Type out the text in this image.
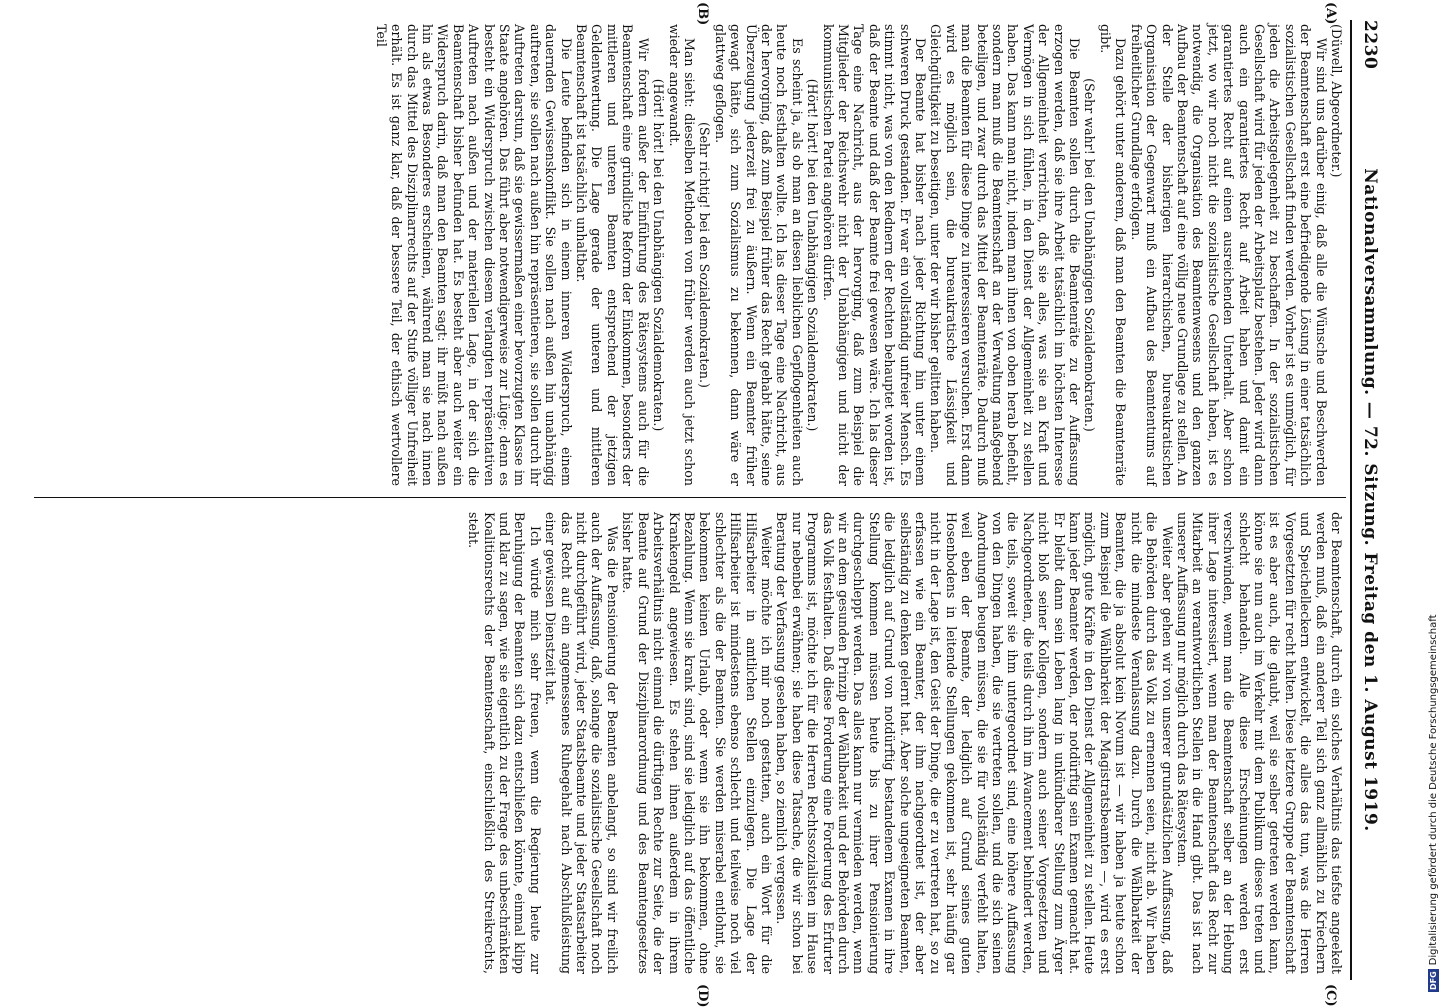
2230
Nationalversammlung. — 72. Sitzung. Freitag den 1. August 1919.
(A)
(B)
(C)
(D)

(Düwell, Abgeordneter.)

Wir sind uns darüber einig, daß alle die Wünsche und Beschwerden der Beamtenschaft erst eine befriedigende Lösung in einer tatsächlich sozialistischen Gesellschaft finden werden. Vorher ist es unmöglich, für jeden die Arbeitsgelegenheit zu beschaffen. In der sozialistischen Gesellschaft wird für jeden der Arbeitsplatz bestehen. Jeder wird dann auch ein garantiertes Recht auf Arbeit haben und damit ein garantiertes Recht auf einen ausreichenden Unterhalt. Aber schon jetzt, wo wir noch nicht die sozialistische Gesellschaft haben, ist es notwendig, die Organisation des Beamtenwesens und den ganzen Aufbau der Beamtenschaft auf eine völlig neue Grundlage zu stellen. An der Stelle der bisherigen hierarchischen, bureaukratischen Organisation der Gegenwart muß ein Aufbau des Beamtentums auf freiheitlicher Grundlage erfolgen.

Dazu gehört unter anderem, daß man den Beamten die Beamtenräte gibt.

(Sehr wahr! bei den Unabhängigen Sozialdemokraten.)

Die Beamten sollen durch die Beamtenräte zu der Auffassung erzogen werden, daß sie ihre Arbeit tatsächlich im höchsten Interesse der Allgemeinheit verrichten, daß sie alles, was sie an Kraft und Vermögen in sich fühlen, in den Dienst der Allgemeinheit zu stellen haben. Das kann man nicht, indem man ihnen von oben herab befiehlt, sondern man muß die Beamtenschaft an der Verwaltung maßgebend beteiligen, und zwar durch das Mittel der Beamtenräte. Dadurch muß man die Beamten für diese Dinge zu interessieren versuchen. Erst dann wird es möglich sein, die bureaukratische Lässigkeit und Gleichgültigkeit zu beseitigen, unter der wir bisher gelitten haben.

Der Beamte hat bisher nach jeder Richtung hin unter einem schweren Druck gestanden. Er war ein vollständig unfreier Mensch. Es stimmt nicht, was von den Rednern der Rechten behauptet worden ist, daß der Beamte und daß der Beamte frei gewesen wäre. Ich las dieser Tage eine Nachricht, aus der hervorging, daß zum Beispiel die Mitglieder der Reichswehr nicht der Unabhängigen und nicht der kommunistischen Partei angehören dürfen.

(Hört! hört! bei den Unabhängigen Sozialdemokraten.)

Es scheint ja, als ob man an diesen lieblichen Gepflogenheiten auch heute noch festhalten wollte. Ich las dieser Tage eine Nachricht, aus der hervorging, daß zum Beispiel früher das Recht gehabt hätte, seine Überzeugung jederzeit frei zu äußern. Wenn ein Beamter früher gewagt hätte, sich zum Sozialismus zu bekennen, dann wäre er glattweg geflogen.

(Sehr richtig! bei den Sozialdemokraten.)

Man sieht: dieselben Methoden von früher werden auch jetzt schon wieder angewandt.

(Hört! hört! bei den Unabhängigen Sozialdemokraten.)

Wir fordern außer der Einführung des Rätesystems auch für die Beamtenschaft eine gründliche Reform der Einkommen, besonders der mittleren und unteren Beamten entsprechend der jetzigen Geldentwertung. Die Lage gerade der unteren und mittleren Beamtenschaft ist tatsächlich unhaltbar.

Die Leute befinden sich in einem inneren Widerspruch, einem dauernden Gewissenskonflikt. Sie sollen nach außen hin unabhängig auftreten, sie sollen nach außen hin repräsentieren, sie sollen durch ihr Auftreten darstun, daß sie gewissermaßen einer bevorzugten Klasse im Staate angehören. Das führt aber notwendigerweise zur Lüge; denn es besteht ein Widerspruch zwischen diesem verlangten repräsentativen Auftreten nach außen und der materiellen Lage, in der sich die Beamtenschaft bisher befunden hat. Es besteht aber auch weiter ein Widerspruch darin, daß man den Beamten sagt: ihr müßt nach außen hin als etwas Besonderes erscheinen, während man sie nach innen durch das Mittel des Disziplinarrechts auf der Stufe völliger Unfreiheit erhält. Es ist ganz klar, daß der bessere Teil, der ethisch wertvollere Teil

der Beamtenschaft, durch ein solches Verhältnis das tiefste angeekelt werden muß, daß ein anderer Teil sich ganz allmählich zu Kriechern und Speichelleckern entwickelt, die alles das tun, was die Herren Vorgesetzten für recht halten. Diese letztere Gruppe der Beamtenschaft ist es aber auch, die glaubt, weil sie selber getreten werden kann, könne sie nun auch im Verkehr mit dem Publikum dieses treten und schlecht behandeln. Alle diese Erscheinungen werden erst verschwinden, wenn man die Beamtenschaft selber an der Hebung ihrer Lage interessiert, wenn man der Beamtenschaft das Recht zur Mitarbeit an verantwortlichen Stellen in die Hand gibt. Das ist nach unserer Auffassung nur möglich durch das Rätesystem.

Weiter aber gehen wir von unserer grundsätzlichen Auffassung, daß die Behörden durch das Volk zu ernennen seien, nicht ab. Wir haben nicht die mindeste Veranlassung dazu. Durch die Wählbarkeit der Beamten, die ja absolut kein Novum ist — wir haben ja heute schon zum Beispiel die Wählbarkeit der Magistratsbeamten —, wird es erst möglich, gute Kräfte in den Dienst der Allgemeinheit zu stellen. Heute kann jeder Beamter werden, der notdürftig sein Examen gemacht hat. Er bleibt dann sein Leben lang in unkündbarer Stellung zum Ärger nicht bloß seiner Kollegen, sondern auch seiner Vorgesetzten und Nachgeordneten, die teils durch ihn im Avancement behindert werden, die teils, soweit sie ihm untergeordnet sind, eine höhere Auffassung von den Dingen haben, die sie vertreten sollen, und die sich seinen Anordnungen beugen müssen, die sie für vollständig verfehlt halten, weil eben der Beamte, der lediglich auf Grund seines guten Hosenbodens in leitende Stellungen gekommen ist, sehr häufig gar nicht in der Lage ist, den Geist der Dinge, die er zu vertreten hat, so zu erfassen wie ein Beamter, der ihm nachgeordnet ist, der aber selbständig zu denken gelernt hat. Aber solche ungeeigneten Beamten, die lediglich auf Grund von notdürftig bestandenem Examen in ihre Stellung kommen müssen heute bis zu ihrer Pensionierung durchgeschleppt werden. Das alles kann nur vermieden werden, wenn wir an dem gesunden Prinzip der Wählbarkeit und der Behörden durch das Volk festhalten. Daß diese Forderung eine Forderung des Erfurter Programms ist, möchte ich für die Herren Rechtssozialisten im Hause nur nebenbei erwähnen; sie haben diese Tatsache, die wir schon bei Beratung der Verfassung gesehen haben, so ziemlich vergessen.

Weiter möchte ich mir noch gestatten, auch ein Wort für die Hilfsarbeiter in amtlichen Stellen einzulegen. Die Lage der Hilfsarbeiter ist mindestens ebenso schlecht und teilweise noch viel schlechter als die der Beamten. Sie werden miserabel entlohnt, sie bekommen keinen Urlaub, oder wenn sie ihn bekommen, ohne Bezahlung. Wenn sie krank sind, sind sie lediglich auf das öffentliche Krankengeld angewiesen. Es stehen ihnen außerdem in ihrem Arbeitsverhältnis nicht einmal die dürftigen Rechte zur Seite, die der Beamte auf Grund der Disziplinarordnung und des Beamtengesetzes bisher hatte.

Was die Pensionierung der Beamten anbelangt, so sind wir freilich auch der Auffassung, daß, solange die sozialistische Gesellschaft noch nicht durchgeführt wird, jeder Staatsbeamte und jeder Staatsarbeiter das Recht auf ein angemessenes Ruhegehalt nach Abschlußleistung einer gewissen Dienstzeit hat.

Ich würde mich sehr freuen, wenn die Regierung heute zur Beruhigung der Beamten sich dazu entschließen könnte, einmal klipp und klar zu sagen, wie sie eigentlich zu der Frage des unbeschränkten Koalitionsrechts der Beamtenschaft, einschließlich des Streikrechts, steht.

DFGDigitalisierung gefördert durch die Deutsche Forschungsgemeinschaft
